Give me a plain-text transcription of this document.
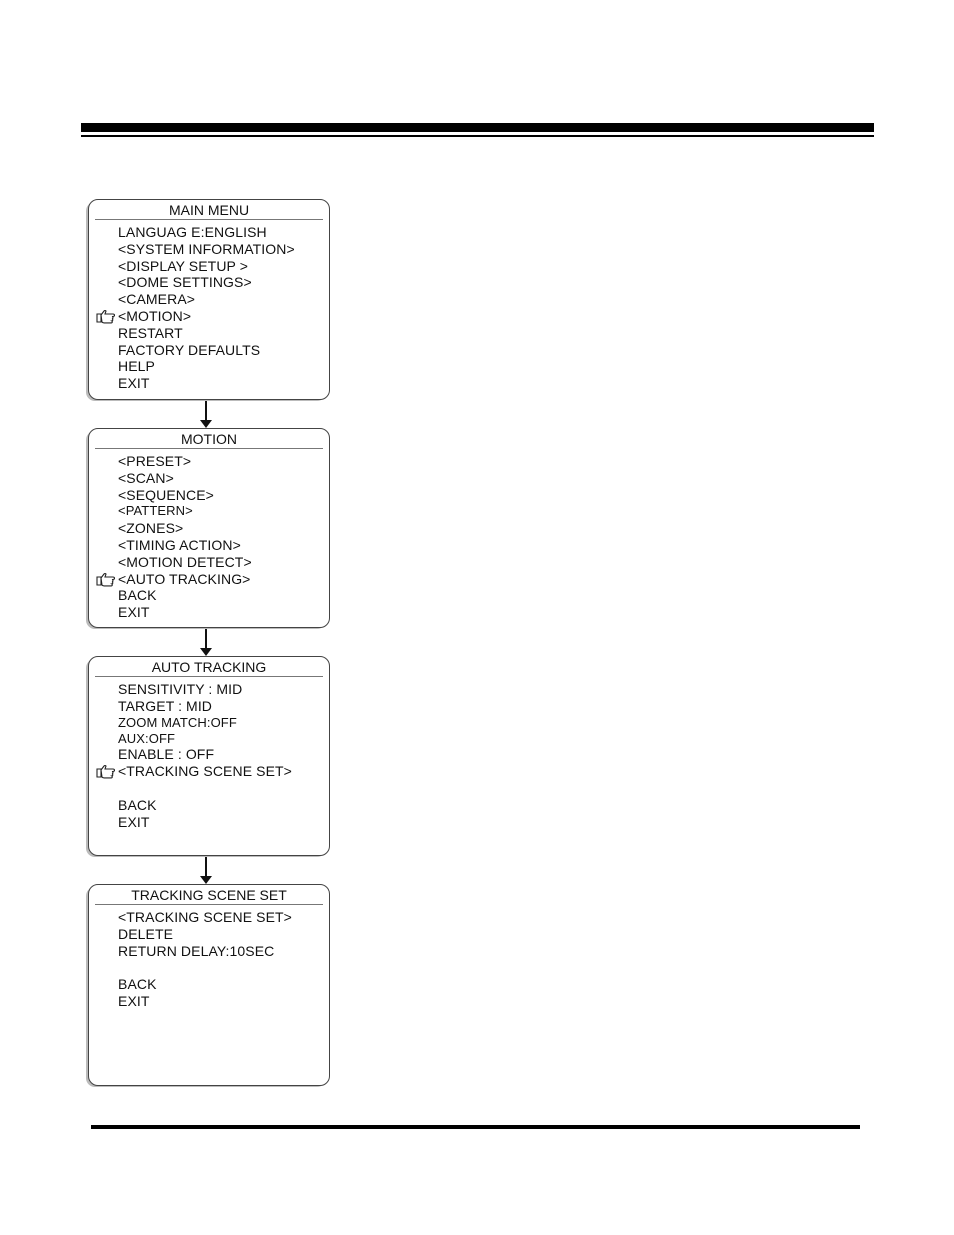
MAIN MENU
LANGUAG E:ENGLISH
<SYSTEM INFORMATION>
<DISPLAY SETUP >
<DOME SETTINGS>
<CAMERA>
<MOTION>
RESTART
FACTORY DEFAULTS
HELP
EXIT
MOTION
<PRESET>
<SCAN>
<SEQUENCE>
<PATTERN>
<ZONES>
<TIMING ACTION>
<MOTION DETECT>
<AUTO TRACKING>
BACK
EXIT
AUTO TRACKING
SENSITIVITY : MID
TARGET : MID
ZOOM MATCH:OFF
AUX:OFF
ENABLE : OFF
<TRACKING SCENE SET>
BACK
EXIT
TRACKING SCENE SET
<TRACKING SCENE SET>
DELETE
RETURN DELAY:10SEC
BACK
EXIT
